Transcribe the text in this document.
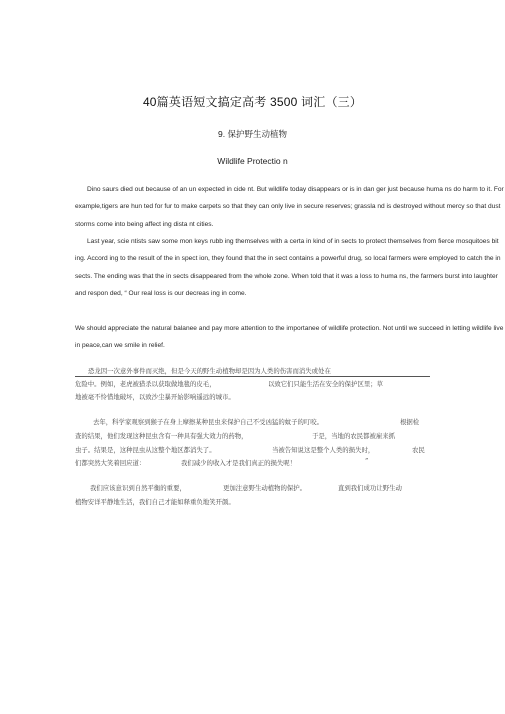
40篇英语短文搞定高考 3500 词汇（三）
9. 保护野生动植物
Wildlife Protectio n
Dino saurs died out because of an un expected in cide nt. But wildlife today disappears or is in dan ger just because huma ns do harm to it. For example,tigers are hun ted for fur to make carpets so that they can only live in secure reserves; grassla nd is destroyed without mercy so that dust storms come into being affect ing dista nt cities.
Last year, scie ntists saw some mon keys rubb ing themselves with a certa in kind of in sects to protect themselves from fierce mosquitoes bit ing. Accord ing to the result of the in spect ion, they found that the in sect contains a powerful drug, so local farmers were employed to catch the in sects. The ending was that the in sects disappeared from the whole zone. When told that it was a loss to huma ns, the farmers burst into laughter and respon ded, “ Our real loss is our decreas ing in come.
We should appreciate the natural balanee and pay more attention to the importanee of wildlife protection. Not until we succeed in letting wildlife live in peace,can we smile in relief.
恐龙因一次意外事件而灭绝，但是今天的野生动植物却是因为人类的伤害而消失或处在
危险中。例如，老虎被猎杀以获取做地毯的皮毛，	以致它们只能生活在安全的保护区里；草
地被毫不怜惜地破坏，以致沙尘暴开始影响遥远的城市。
去年，科学家观察到猴子在身上摩擦某种昆虫来保护自己不受凶猛的蚊子的叮咬。	根据检
查的结果，他们发现这种昆虫含有一种具有强大效力的药物，	于是，当地的农民都被雇来抓
虫子。结果是，这种昆虫从这整个地区都消失了。	当被告知说这是整个人类的损失时，	农民
们都突然大笑着回应道：	我们减少的收入才是我们真正的损失呢！	”
我们应该意识到自然平衡的重要，	更加注意野生动植物的保护。	直到我们成功让野生动
植物安详平静地生活，我们自己才能如释重负地笑开颜。
